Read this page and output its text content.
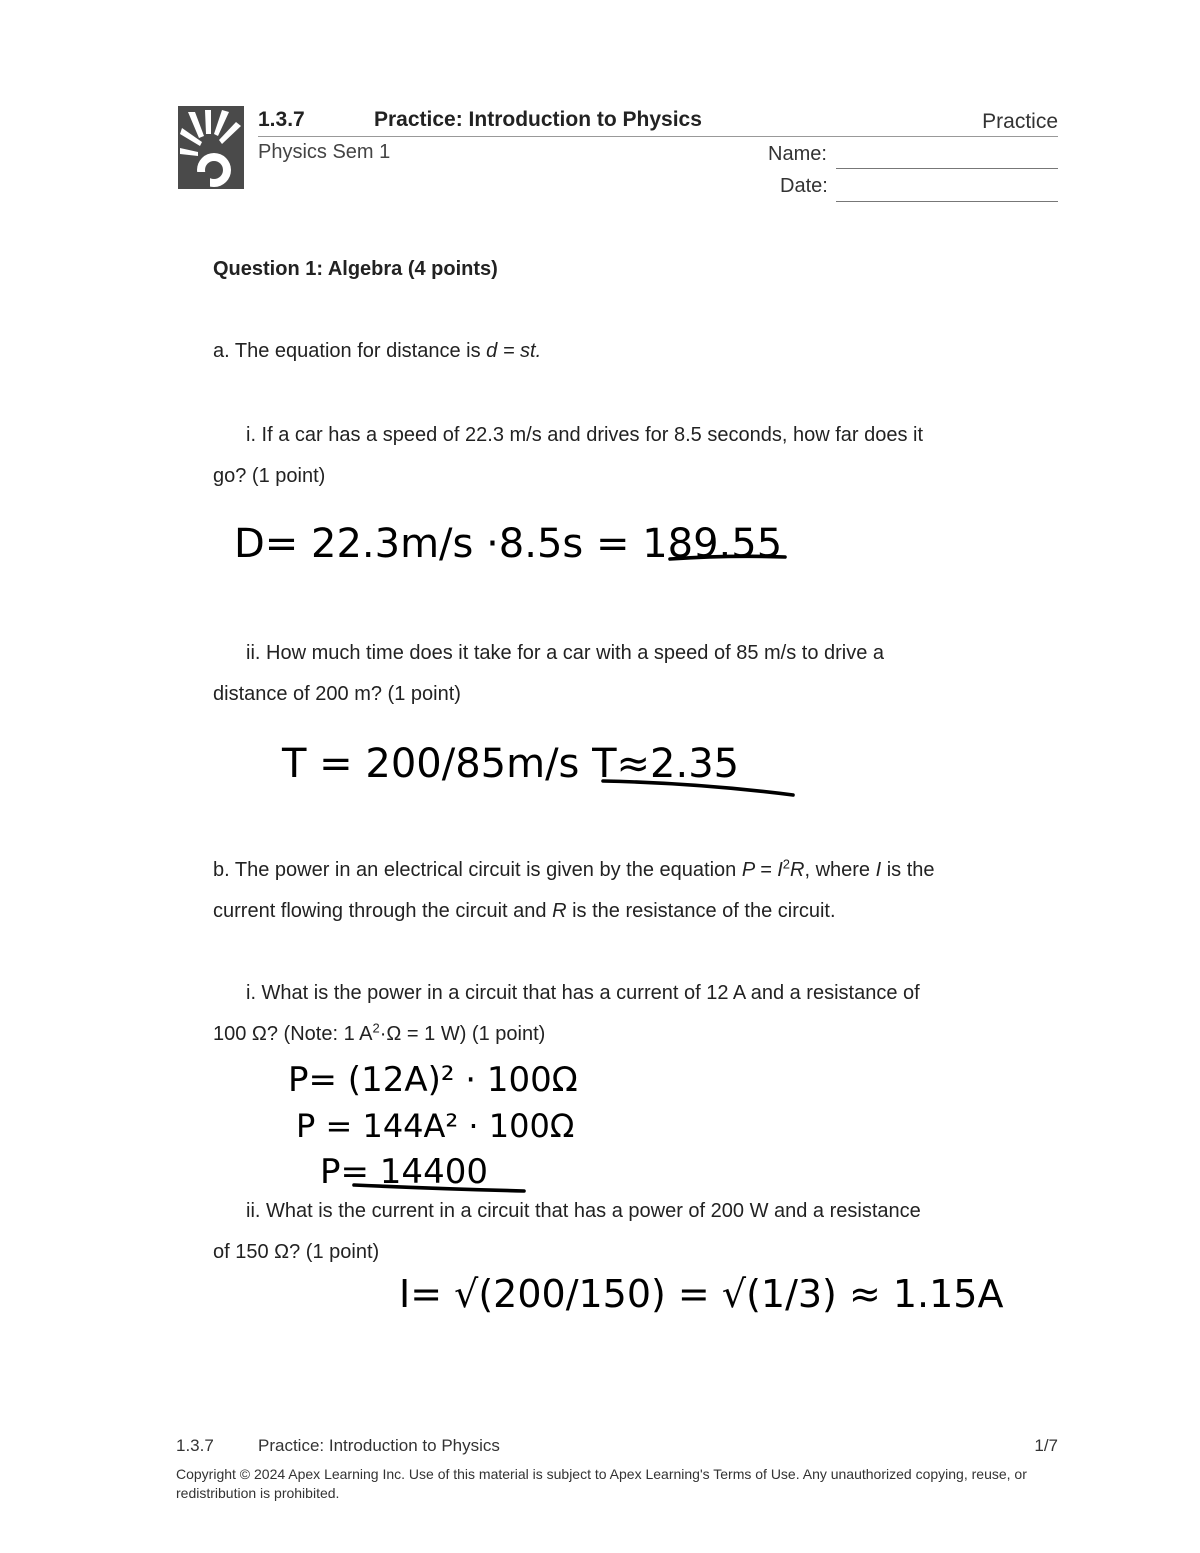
1.3.7	Practice: Introduction to Physics	Practice
Physics Sem 1	Name:
Date:
Question 1: Algebra (4 points)
a. The equation for distance is d = st.
i. If a car has a speed of 22.3 m/s and drives for 8.5 seconds, how far does it
go? (1 point)
D= 22.3m/s ·8.5s = 189.55
ii. How much time does it take for a car with a speed of 85 m/s to drive a
distance of 200 m? (1 point)
T = 200/85m/s T≈2.35
b. The power in an electrical circuit is given by the equation $P = I^2R$, where I is the
current flowing through the circuit and R is the resistance of the circuit.
i. What is the power in a circuit that has a current of 12 A and a resistance of
100 Ω? (Note: 1 $A^2\cdot\Omega = 1$ W) (1 point)
P= (12A)² · 100Ω
P = 144A² · 100Ω
P= 14400
ii. What is the current in a circuit that has a power of 200 W and a resistance
of 150 Ω? (1 point)
I= √(200/150) = √(1/3) ≈ 1.15A
1.3.7	Practice: Introduction to Physics	1/7
Copyright © 2024 Apex Learning Inc. Use of this material is subject to Apex Learning's Terms of Use. Any unauthorized copying, reuse, or redistribution is prohibited.
